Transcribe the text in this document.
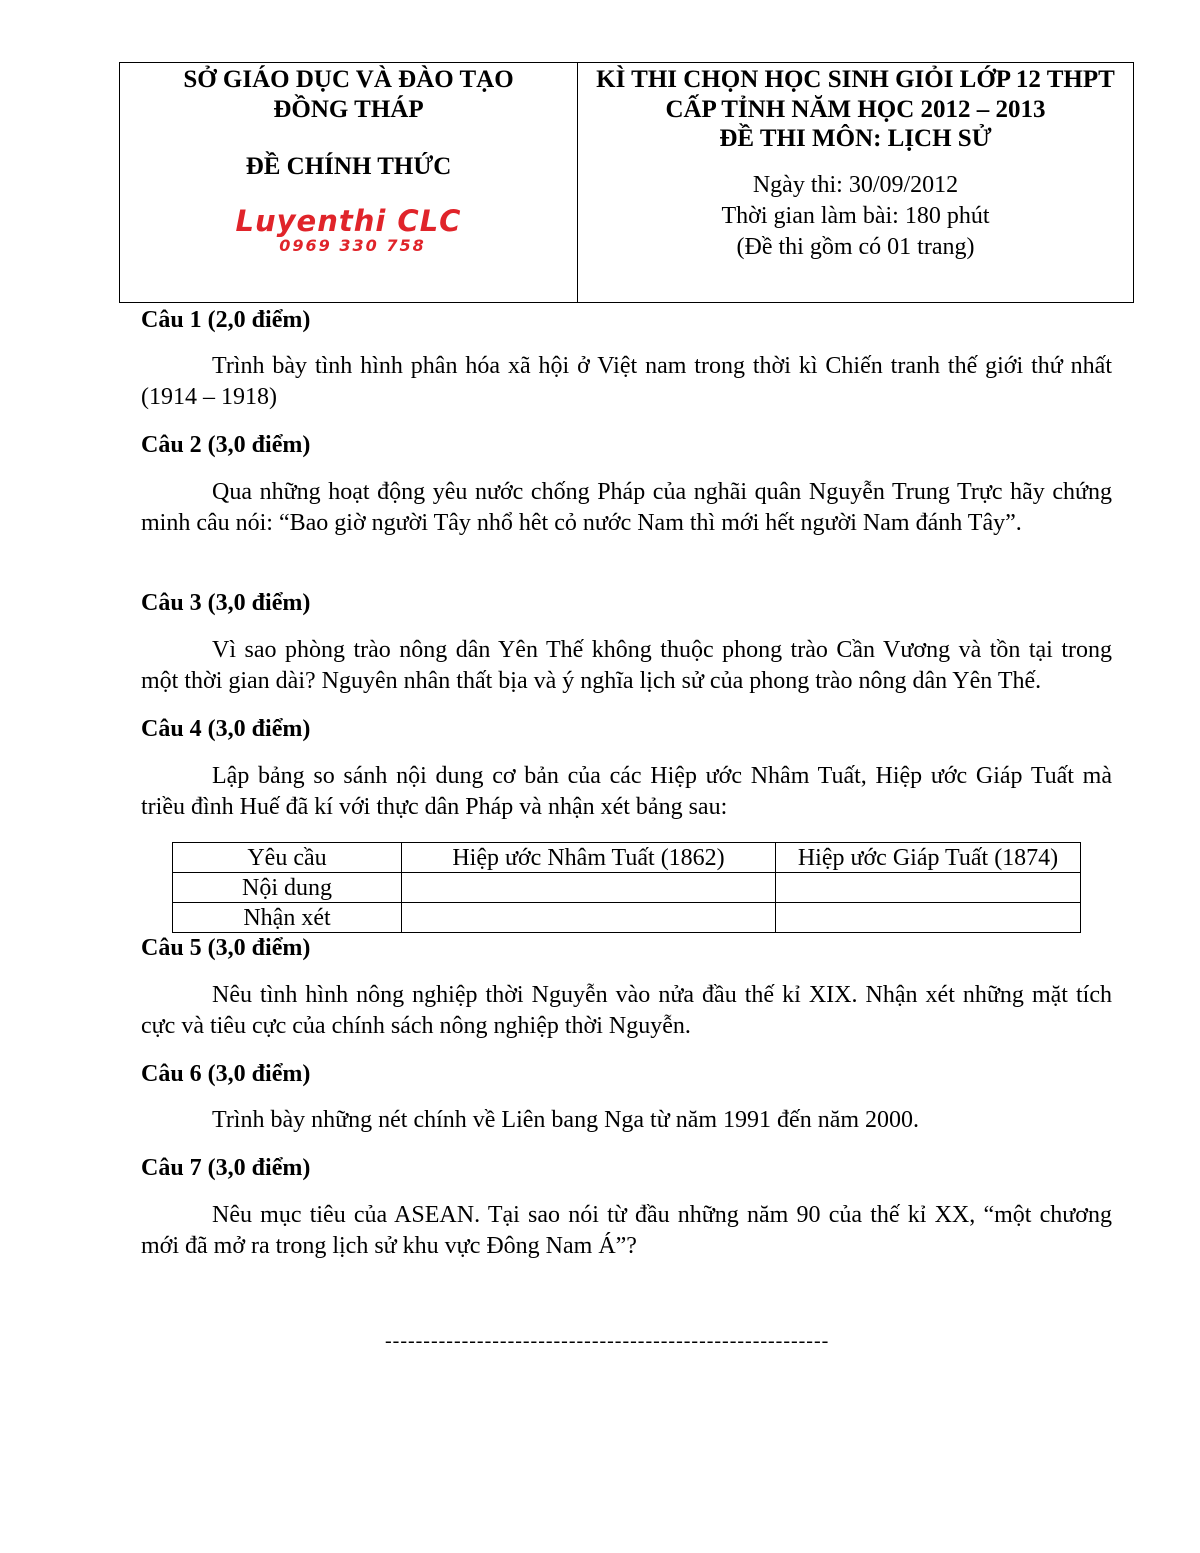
SỞ GIÁO DỤC VÀ ĐÀO TẠO
ĐỒNG THÁP
ĐỀ CHÍNH THỨC
Luyenthi CLC
0969 330 758
KÌ THI CHỌN HỌC SINH GIỎI LỚP 12 THPT
CẤP TỈNH NĂM HỌC 2012 – 2013
ĐỀ THI MÔN: LỊCH SỬ
Ngày thi: 30/09/2012
Thời gian làm bài: 180 phút
(Đề thi gồm có 01 trang)
Câu 1 (2,0 điểm)
Trình bày tình hình phân hóa xã hội ở Việt nam trong thời kì Chiến tranh thế giới thứ nhất (1914 – 1918)
Câu 2 (3,0 điểm)
Qua những hoạt động yêu nước chống Pháp của nghãi quân Nguyễn Trung Trực hãy chứng minh câu nói: “Bao giờ người Tây nhổ hêt cỏ nước Nam thì mới hết người Nam đánh Tây”.
Câu 3 (3,0 điểm)
Vì sao phòng trào nông dân Yên Thế không thuộc phong trào Cần Vương và tồn tại trong một thời gian dài? Nguyên nhân thất bịa và ý nghĩa lịch sử của phong trào nông dân Yên Thế.
Câu 4 (3,0 điểm)
Lập bảng so sánh nội dung cơ bản của các Hiệp ước Nhâm Tuất, Hiệp ước Giáp Tuất mà triều đình Huế đã kí với thực dân Pháp và nhận xét bảng sau:
Yêu cầu	Hiệp ước Nhâm Tuất (1862)	Hiệp ước Giáp Tuất (1874)
Nội dung		
Nhận xét		
Câu 5 (3,0 điểm)
Nêu tình hình nông nghiệp thời Nguyễn vào nửa đầu thế kỉ XIX. Nhận xét những mặt tích cực và tiêu cực của chính sách nông nghiệp thời Nguyễn.
Câu 6 (3,0 điểm)
Trình bày những nét chính về Liên bang Nga từ năm 1991 đến năm 2000.
Câu 7 (3,0 điểm)
Nêu mục tiêu của ASEAN. Tại sao nói từ đầu những năm 90 của thế kỉ XX, “một chương mới đã mở ra trong lịch sử khu vực Đông Nam Á”?
----------------------------------------------------------
